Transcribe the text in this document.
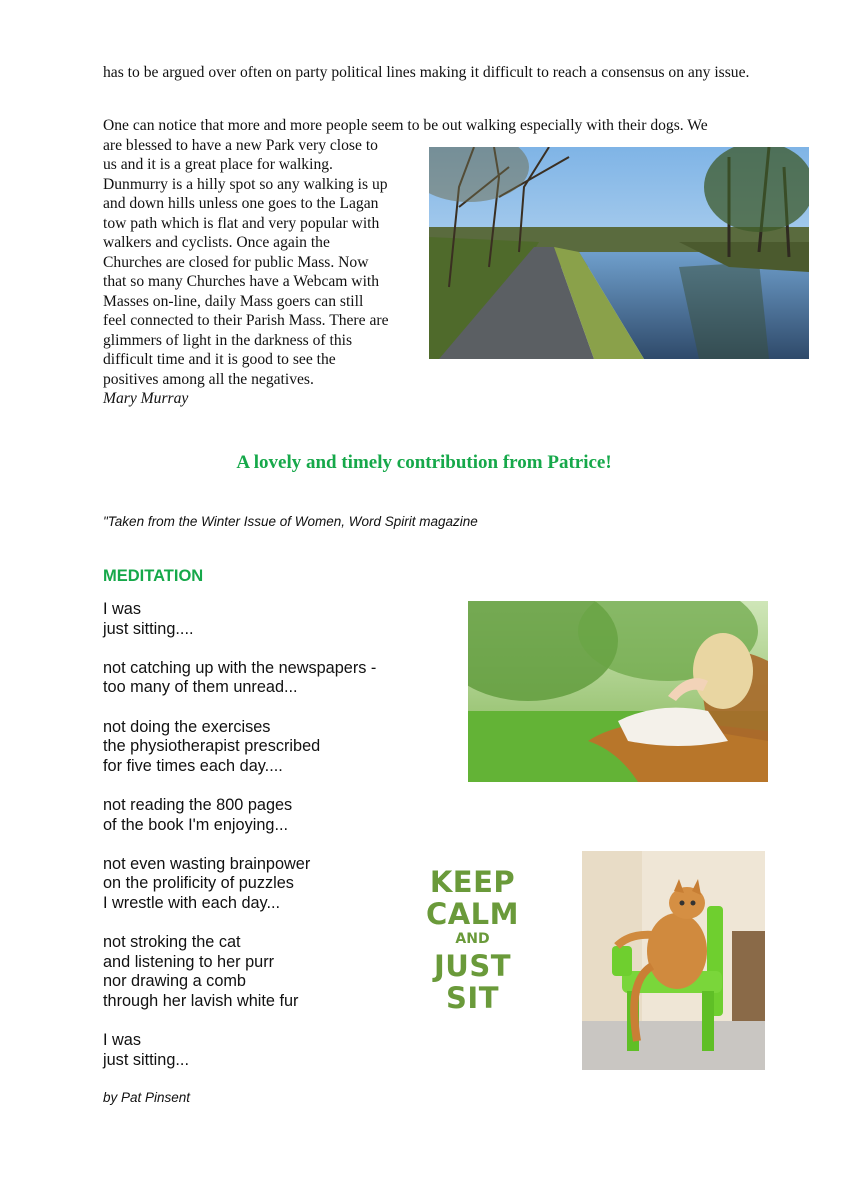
has to be argued over often on party political lines making it difficult to reach a consensus on any issue.
One can notice that more and more people seem to be out walking especially with their dogs. We
are blessed to have a new Park very close to
us and it is a great place for walking.
Dunmurry is a hilly spot so any walking is up
and down hills unless one goes to the Lagan
tow path which is flat and very popular with
walkers and cyclists. Once again the
Churches are closed for public Mass. Now
that so many Churches have a Webcam with
Masses on-line, daily Mass goers can still
feel connected to their Parish Mass. There are
glimmers of light in the darkness of this
difficult time and it is good to see the
positives among all the negatives.
Mary Murray
A lovely and timely contribution from Patrice!
"Taken from the Winter Issue of Women, Word Spirit magazine
MEDITATION
I was
just sitting....
not catching up with the newspapers -
too many of them unread...
not doing the exercises
the physiotherapist prescribed
for five times each day....
not reading the 800 pages
of the book I'm enjoying...
not even wasting brainpower
on the prolificity of puzzles
I wrestle with each day...
not stroking the cat
and listening to her purr
nor drawing a comb
through her lavish white fur
I was
just sitting...
by Pat Pinsent
KEEP
CALM
AND
JUST
SIT
